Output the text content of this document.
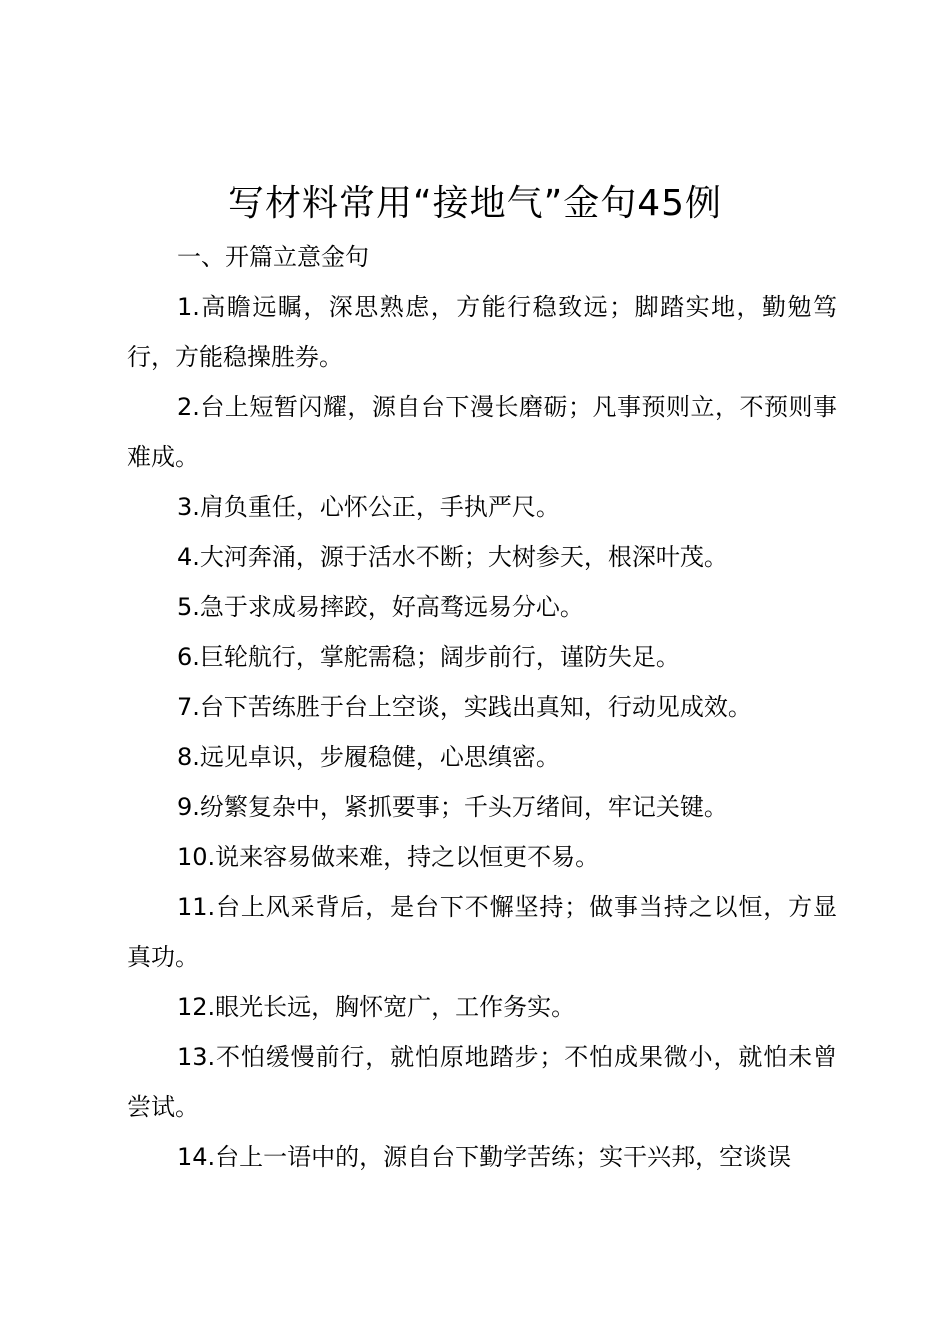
写材料常用“接地气”金句45例

一、开篇立意金句

1.高瞻远瞩，深思熟虑，方能行稳致远；脚踏实地，勤勉笃行，方能稳操胜券。

2.台上短暂闪耀，源自台下漫长磨砺；凡事预则立，不预则事难成。

3.肩负重任，心怀公正，手执严尺。

4.大河奔涌，源于活水不断；大树参天，根深叶茂。

5.急于求成易摔跤，好高骛远易分心。

6.巨轮航行，掌舵需稳；阔步前行，谨防失足。

7.台下苦练胜于台上空谈，实践出真知，行动见成效。

8.远见卓识，步履稳健，心思缜密。

9.纷繁复杂中，紧抓要事；千头万绪间，牢记关键。

10.说来容易做来难，持之以恒更不易。

11.台上风采背后，是台下不懈坚持；做事当持之以恒，方显真功。

12.眼光长远，胸怀宽广，工作务实。

13.不怕缓慢前行，就怕原地踏步；不怕成果微小，就怕未曾尝试。

14.台上一语中的，源自台下勤学苦练；实干兴邦，空谈误
